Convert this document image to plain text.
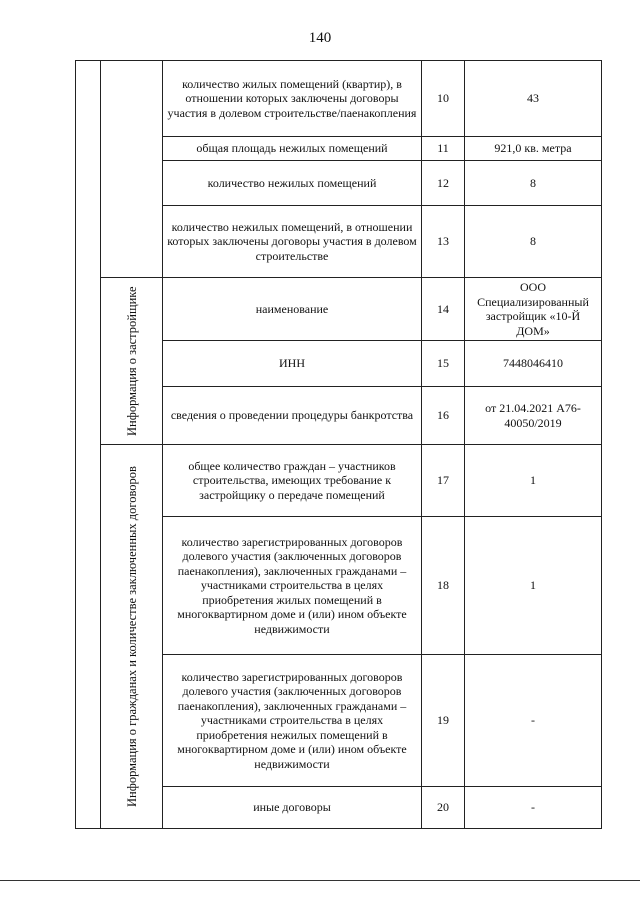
140
		количество жилых помещений (квартир), в отношении которых заключены договоры участия в долевом строительстве/паенакопления	10	43
		общая площадь нежилых помещений	11	921,0 кв. метра
		количество нежилых помещений	12	8
		количество нежилых помещений, в отношении которых заключены договоры участия в долевом строительстве	13	8

	Информация о застройщике	наименование	14	ООО Специализированный застройщик «10-Й ДОМ»
		ИНН	15	7448046410
		сведения о проведении процедуры банкротства	16	от 21.04.2021 А76-40050/2019

	Информация о гражданах и количестве заключенных договоров	общее количество граждан – участников строительства, имеющих требование к застройщику о передаче помещений	17	1
		количество зарегистрированных договоров долевого участия (заключенных договоров паенакопления), заключенных гражданами – участниками строительства в целях приобретения жилых помещений в многоквартирном доме и (или) ином объекте недвижимости	18	1
		количество зарегистрированных договоров долевого участия (заключенных договоров паенакопления), заключенных гражданами – участниками строительства в целях приобретения нежилых помещений в многоквартирном доме и (или) ином объекте недвижимости	19	-
		иные договоры	20	-
